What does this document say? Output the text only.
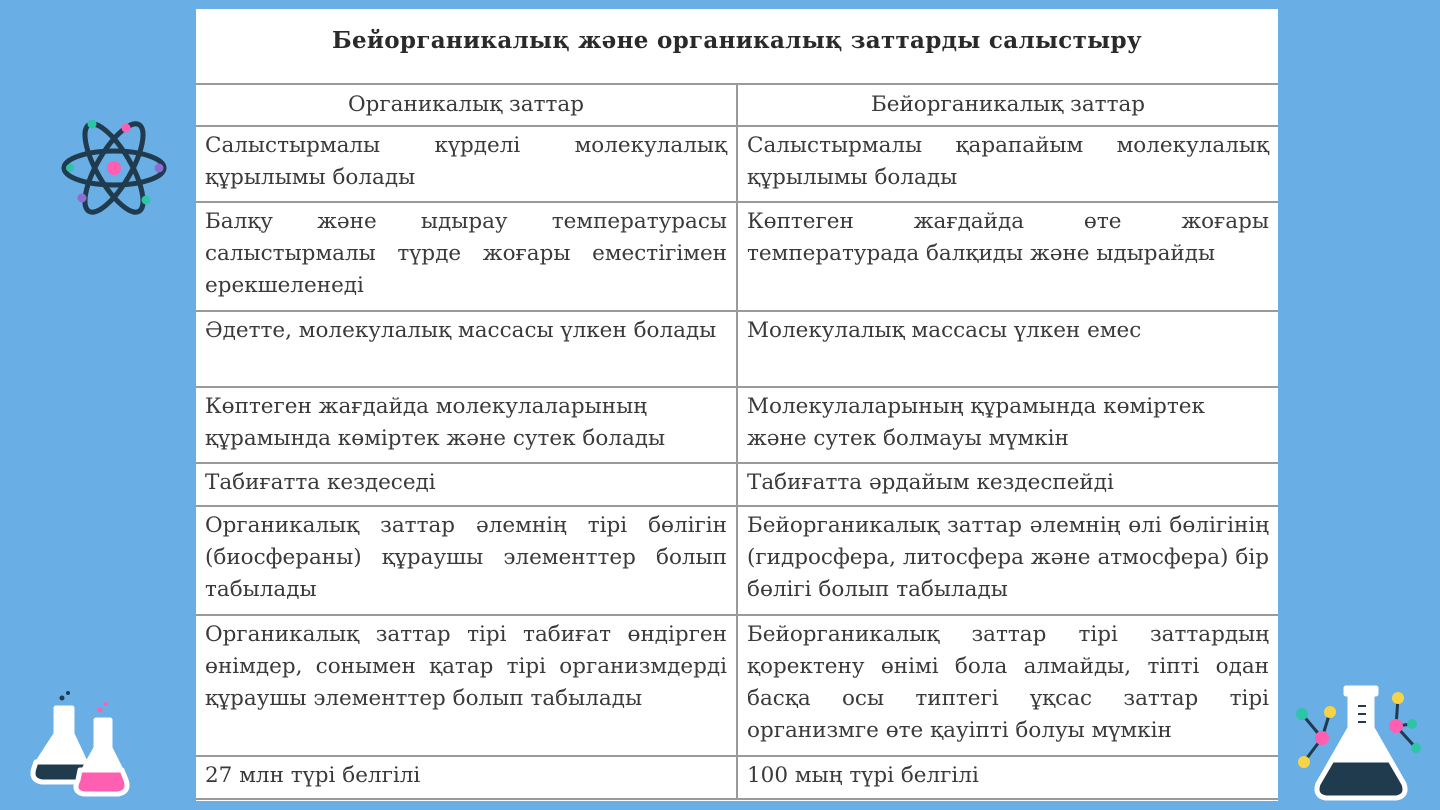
Бейорганикалық және органикалық заттарды салыстыру
Органикалық заттар	Бейорганикалық заттар
Салыстырмалы күрделі молекулалық құрылымы болады	Салыстырмалы қарапайым молекулалық құрылымы болады
Балқу және ыдырау температурасы салыстырмалы түрде жоғары еместігімен ерекшеленеді	Көптеген жағдайда өте жоғары температурада балқиды және ыдырайды
Әдетте, молекулалық массасы үлкен болады	Молекулалық массасы үлкен емес
Көптеген жағдайда молекулаларының құрамында көміртек және сутек болады	Молекулаларының құрамында көміртек және сутек болмауы мүмкін
Табиғатта кездеседі	Табиғатта әрдайым кездеспейді
Органикалық заттар әлемнің тірі бөлігін (биосфераны) құраушы элементтер болып табылады	Бейорганикалық заттар әлемнің өлі бөлігінің (гидросфера, литосфера және атмосфера) бір бөлігі болып табылады
Органикалық заттар тірі табиғат өндірген өнімдер, сонымен қатар тірі организмдерді құраушы элементтер болып табылады	Бейорганикалық заттар тірі заттардың қоректену өнімі бола алмайды, тіпті одан басқа осы типтегі ұқсас заттар тірі организмге өте қауіпті болуы мүмкін
27 млн түрі белгілі	100 мың түрі белгілі
